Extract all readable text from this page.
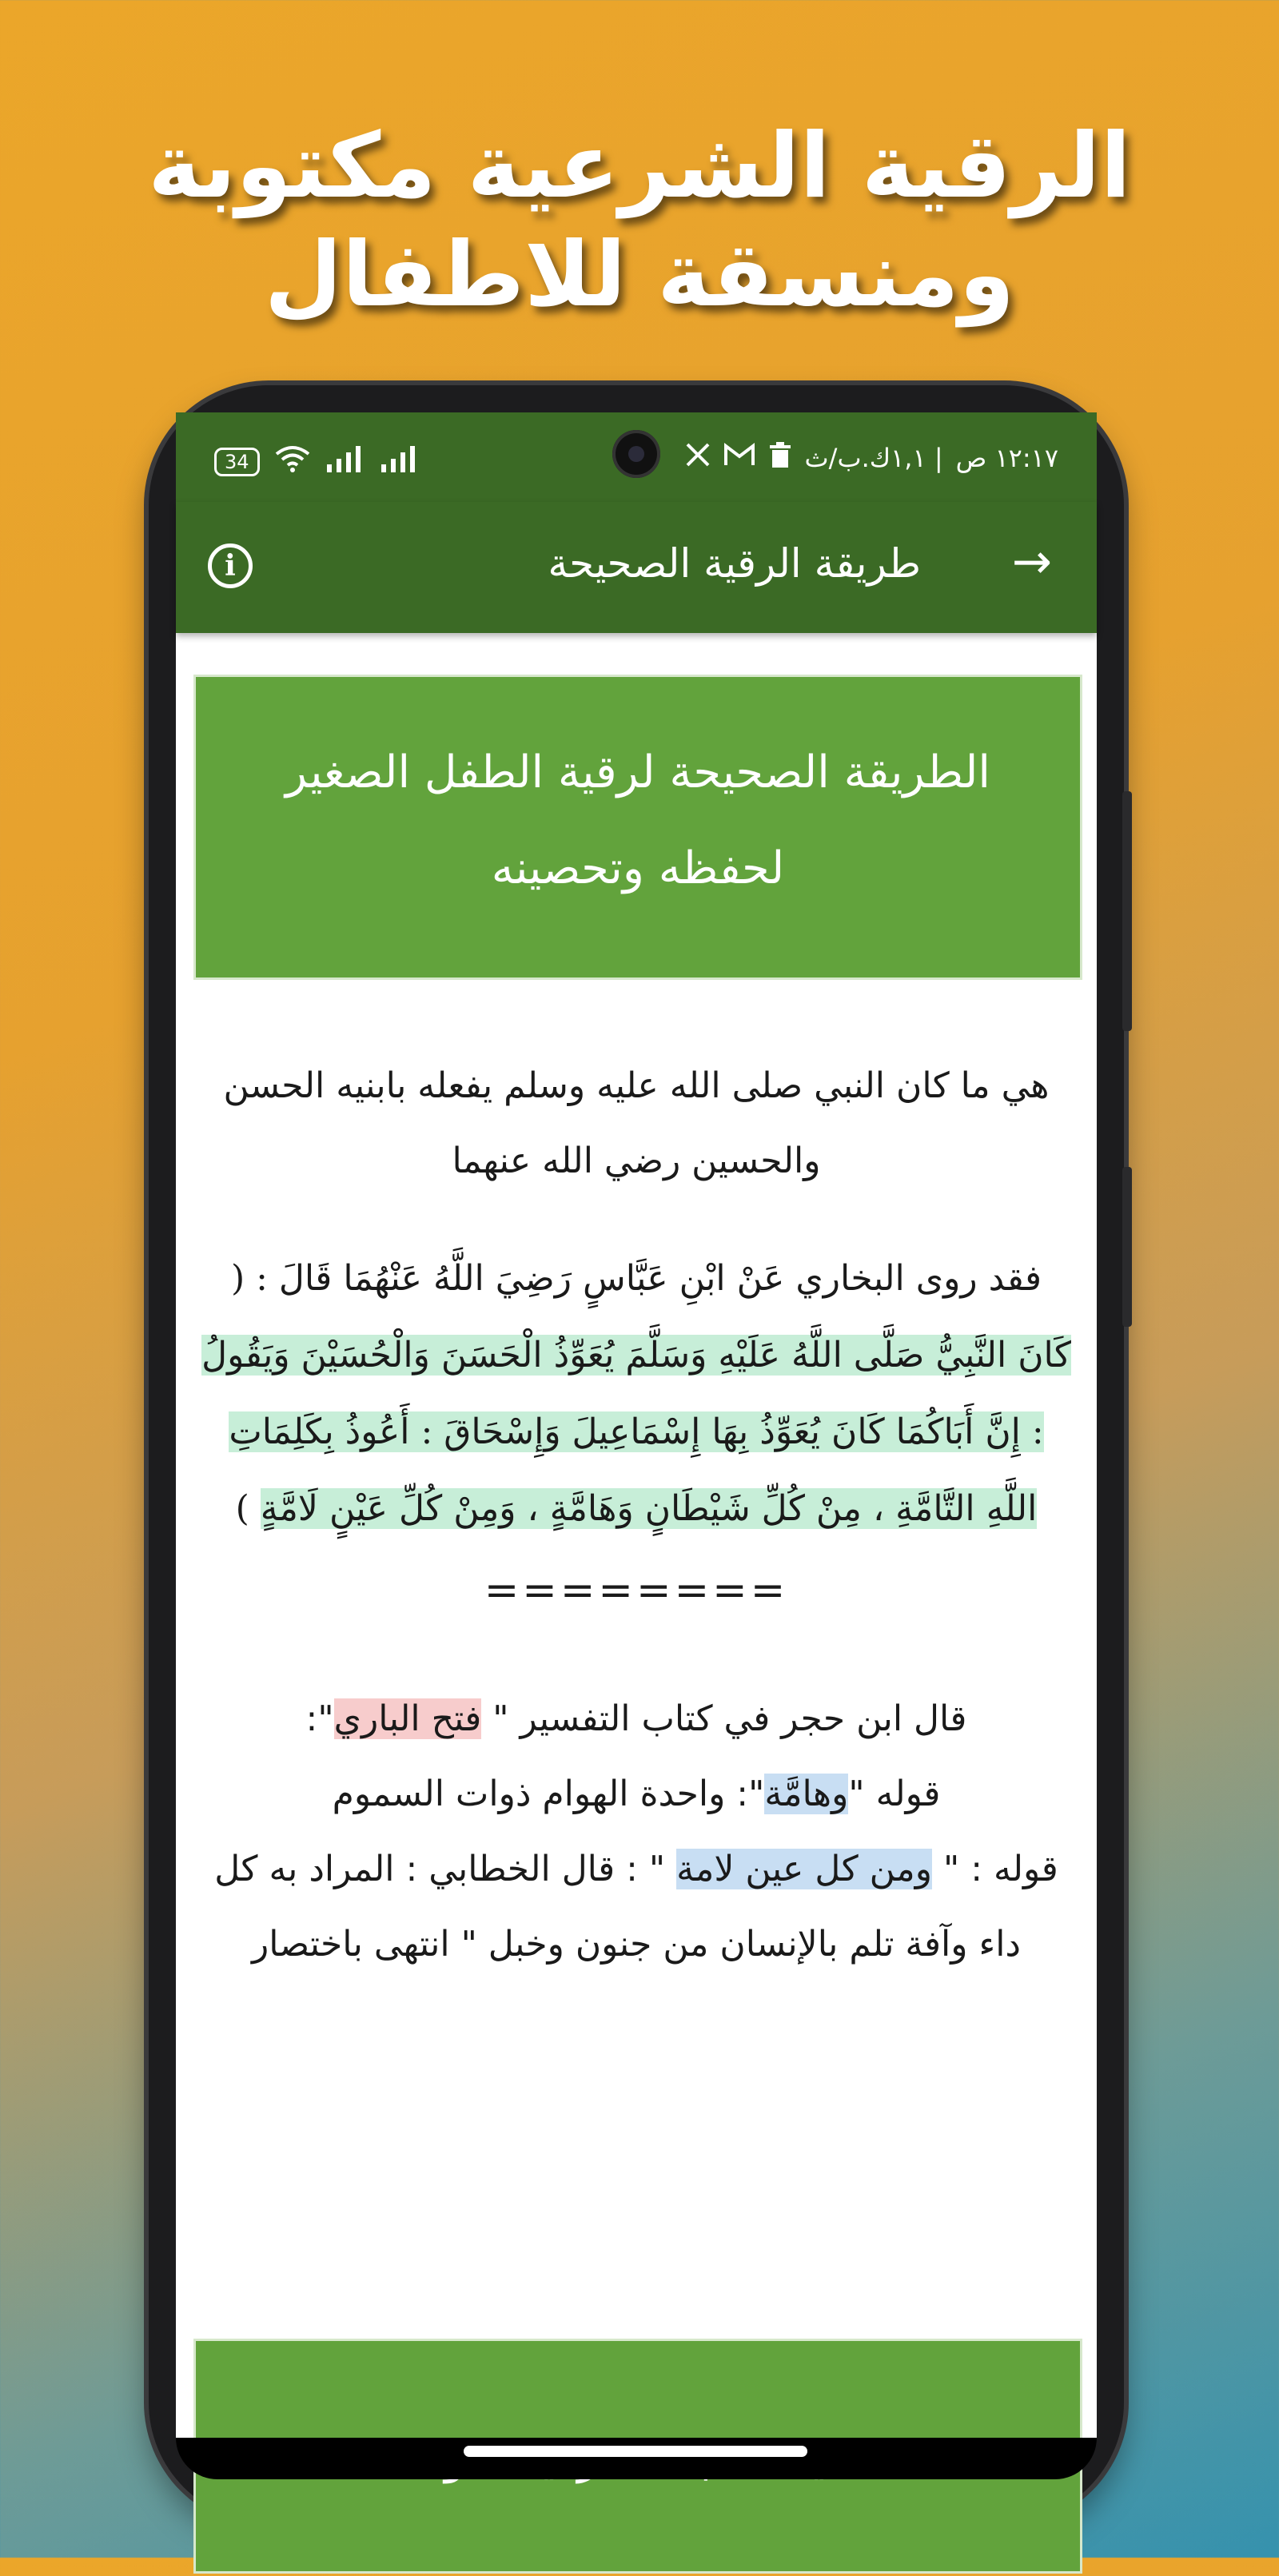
الرقية الشرعية مكتوبة
ومنسقة للاطفال
34	١٢:١٧ ص
| ١,١ك.ب/ث
i	طريقة الرقية الصحيحة →
الطريقة الصحيحة لرقية الطفل الصغير
لحفظه وتحصينه
هي ما كان النبي صلى الله عليه وسلم يفعله بابنيه الحسن والحسين رضي الله عنهما
فقد روى البخاري عَنْ ابْنِ عَبَّاسٍ رَضِيَ اللَّهُ عَنْهُمَا قَالَ : ( كَانَ النَّبِيُّ صَلَّى اللَّهُ عَلَيْهِ وَسَلَّمَ يُعَوِّذُ الْحَسَنَ وَالْحُسَيْنَ وَيَقُولُ : إِنَّ أَبَاكُمَا كَانَ يُعَوِّذُ بِهَا إِسْمَاعِيلَ وَإِسْحَاقَ : أَعُوذُ بِكَلِمَاتِ اللَّهِ التَّامَّةِ ، مِنْ كُلِّ شَيْطَانٍ وَهَامَّةٍ ، وَمِنْ كُلِّ عَيْنٍ لَامَّةٍ )
========
قال ابن حجر في كتاب التفسير " فتح الباري":
قوله "وهامَّة": واحدة الهوام ذوات السموم
قوله : " ومن كل عين لامة " : قال الخطابي : المراد به كل داء وآفة تلم بالإنسان من جنون وخبل " انتهى باختصار
